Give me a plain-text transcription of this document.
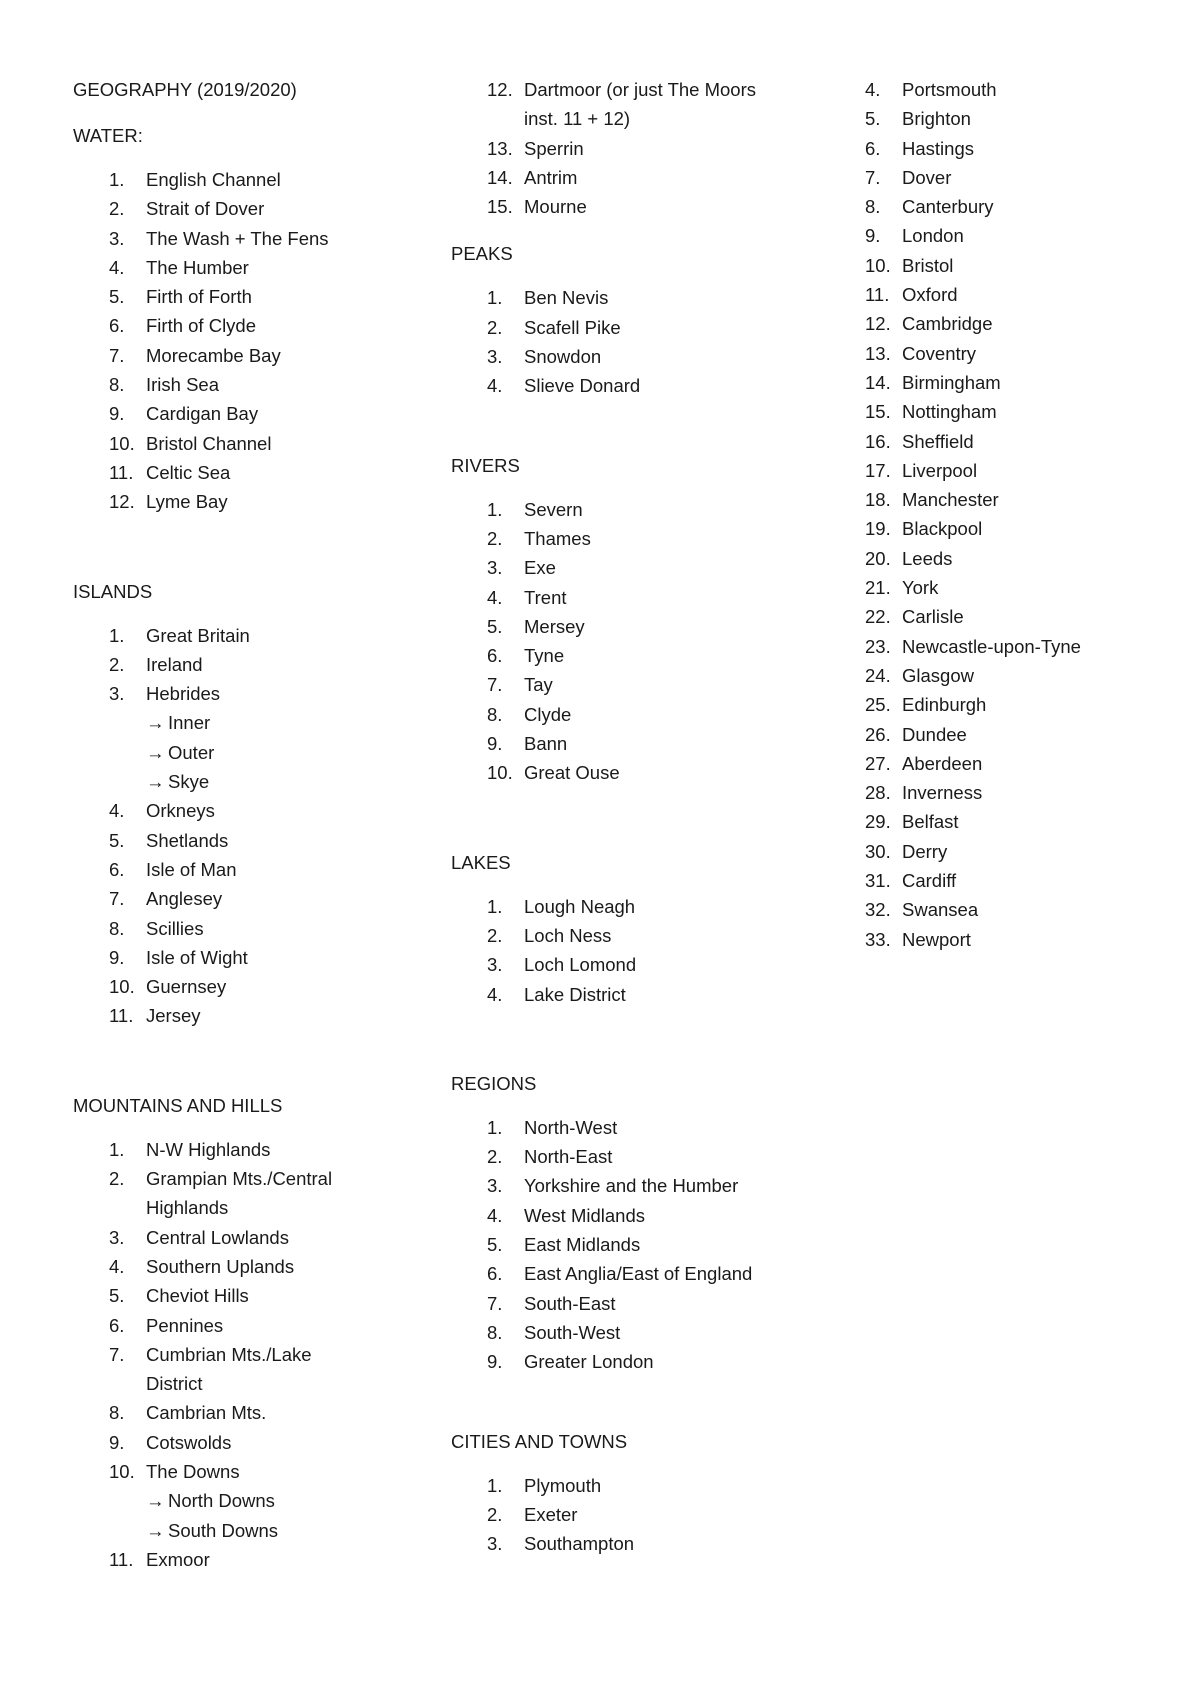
GEOGRAPHY (2019/2020)
WATER:
1. English Channel
2. Strait of Dover
3. The Wash + The Fens
4. The Humber
5. Firth of Forth
6. Firth of Clyde
7. Morecambe Bay
8. Irish Sea
9. Cardigan Bay
10. Bristol Channel
11. Celtic Sea
12. Lyme Bay
ISLANDS
1. Great Britain
2. Ireland
3. Hebrides
→ Inner
→ Outer
→ Skye
4. Orkneys
5. Shetlands
6. Isle of Man
7. Anglesey
8. Scillies
9. Isle of Wight
10. Guernsey
11. Jersey
MOUNTAINS AND HILLS
1. N-W Highlands
2. Grampian Mts./Central Highlands
3. Central Lowlands
4. Southern Uplands
5. Cheviot Hills
6. Pennines
7. Cumbrian Mts./Lake District
8. Cambrian Mts.
9. Cotswolds
10. The Downs
→ North Downs
→ South Downs
11. Exmoor
12. Dartmoor (or just The Moors inst. 11 + 12)
13. Sperrin
14. Antrim
15. Mourne
PEAKS
1. Ben Nevis
2. Scafell Pike
3. Snowdon
4. Slieve Donard
RIVERS
1. Severn
2. Thames
3. Exe
4. Trent
5. Mersey
6. Tyne
7. Tay
8. Clyde
9. Bann
10. Great Ouse
LAKES
1. Lough Neagh
2. Loch Ness
3. Loch Lomond
4. Lake District
REGIONS
1. North-West
2. North-East
3. Yorkshire and the Humber
4. West Midlands
5. East Midlands
6. East Anglia/East of England
7. South-East
8. South-West
9. Greater London
CITIES AND TOWNS
1. Plymouth
2. Exeter
3. Southampton
4. Portsmouth
5. Brighton
6. Hastings
7. Dover
8. Canterbury
9. London
10. Bristol
11. Oxford
12. Cambridge
13. Coventry
14. Birmingham
15. Nottingham
16. Sheffield
17. Liverpool
18. Manchester
19. Blackpool
20. Leeds
21. York
22. Carlisle
23. Newcastle-upon-Tyne
24. Glasgow
25. Edinburgh
26. Dundee
27. Aberdeen
28. Inverness
29. Belfast
30. Derry
31. Cardiff
32. Swansea
33. Newport
